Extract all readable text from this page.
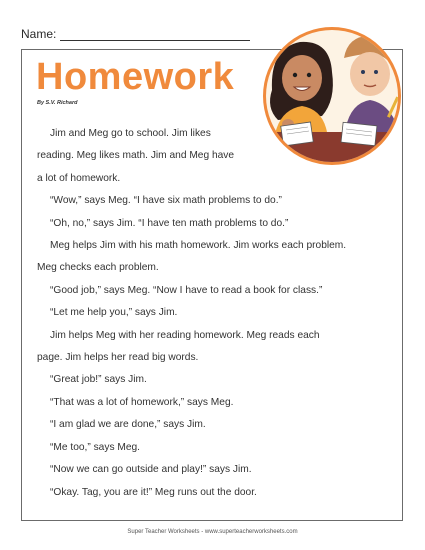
Name:
Homework
By S.V. Richard

Jim and Meg go to school. Jim likes

reading. Meg likes math. Jim and Meg have

a lot of homework.

“Wow,” says Meg. “I have six math problems to do.”

“Oh, no,” says Jim. “I have ten math problems to do.”

Meg helps Jim with his math homework. Jim works each problem.

Meg checks each problem.

“Good job,” says Meg. “Now I have to read a book for class.”

“Let me help you,” says Jim.

Jim helps Meg with her reading homework. Meg reads each

page. Jim helps her read big words.

“Great job!” says Jim.

“That was a lot of homework,” says Meg.

“I am glad we are done,” says Jim.

“Me too,” says Meg.

“Now we can go outside and play!” says Jim.

“Okay. Tag, you are it!” Meg runs out the door.

Super Teacher Worksheets - www.superteacherworksheets.com
